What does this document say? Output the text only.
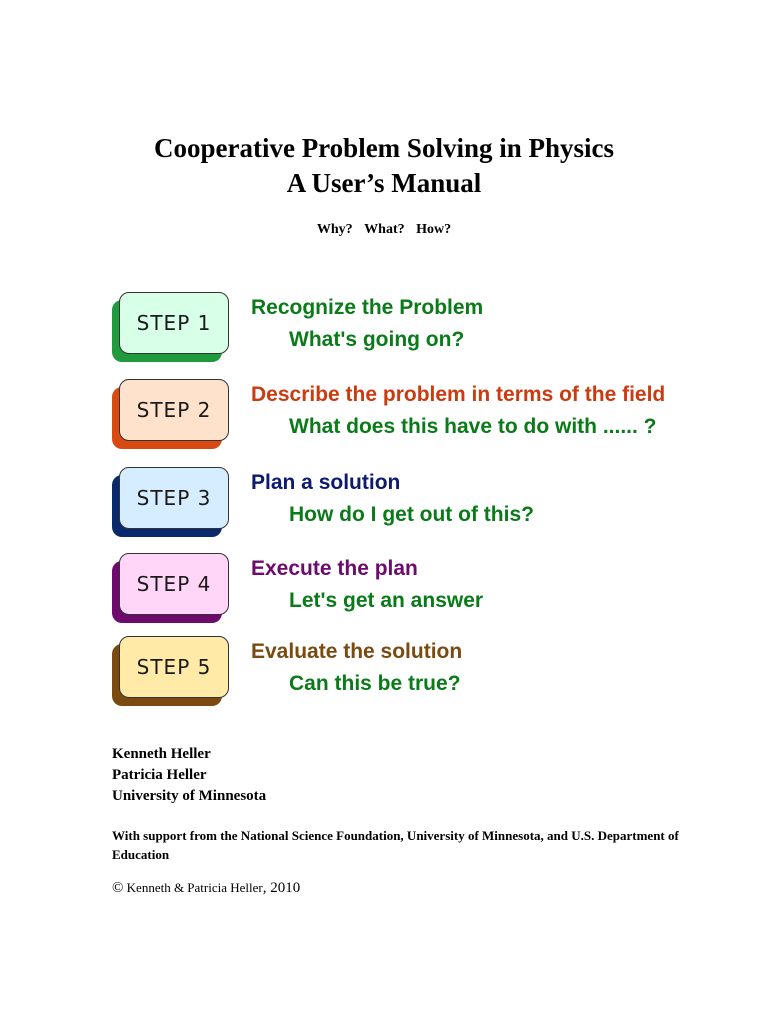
Cooperative Problem Solving in Physics
A User’s Manual
Why? What? How?
STEP 1
Recognize the Problem
What's going on?
STEP 2
Describe the problem in terms of the field
What does this have to do with ...... ?
STEP 3
Plan a solution
How do I get out of this?
STEP 4
Execute the plan
Let's get an answer
STEP 5
Evaluate the solution
Can this be true?
Kenneth Heller
Patricia Heller
University of Minnesota
With support from the National Science Foundation, University of Minnesota, and U.S. Department of Education
© Kenneth & Patricia Heller, 2010
